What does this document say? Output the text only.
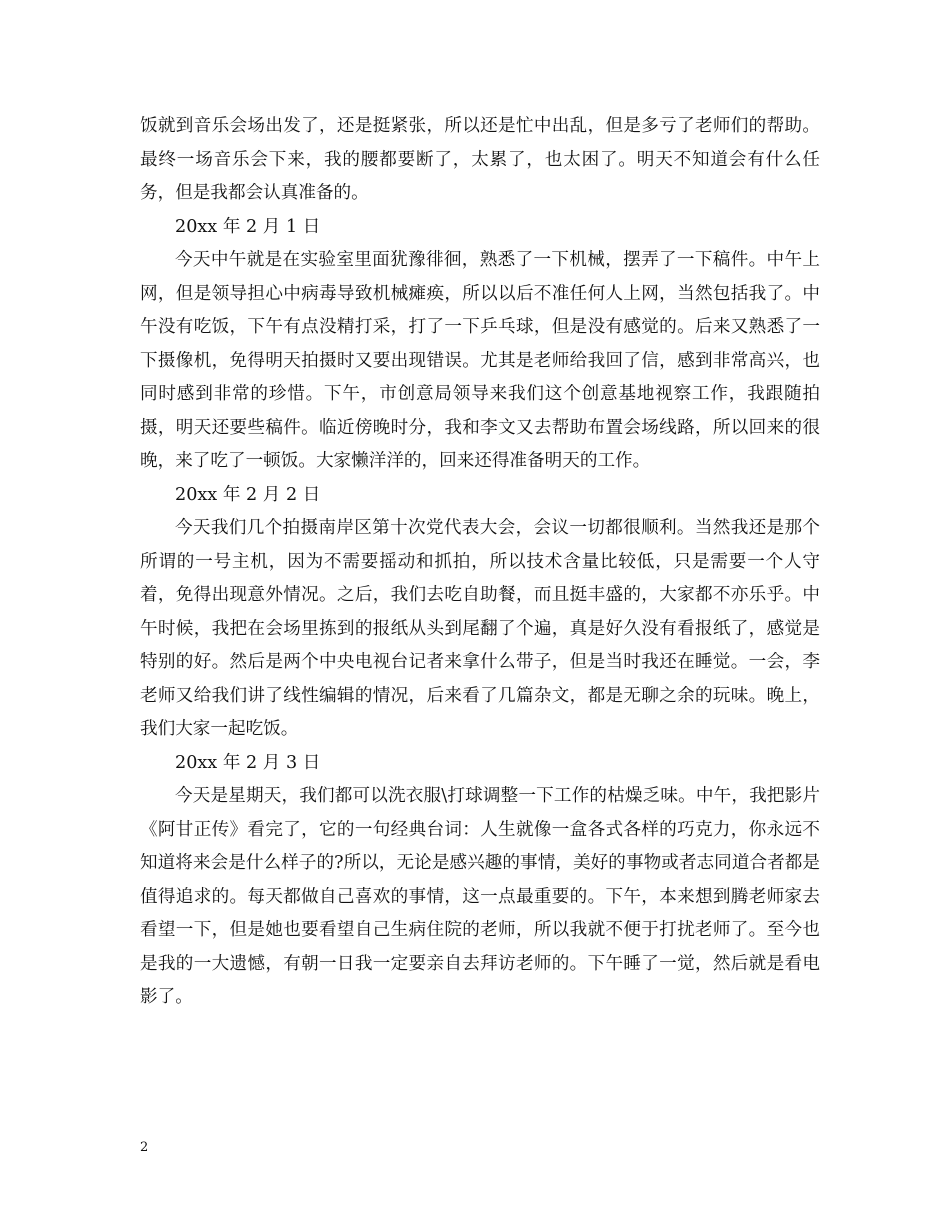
饭就到音乐会场出发了，还是挺紧张，所以还是忙中出乱，但是多亏了老师们的帮助。最终一场音乐会下来，我的腰都要断了，太累了，也太困了。明天不知道会有什么任务，但是我都会认真准备的。

20xx 年 2 月 1 日

今天中午就是在实验室里面犹豫徘徊，熟悉了一下机械，摆弄了一下稿件。中午上网，但是领导担心中病毒导致机械瘫痪，所以以后不准任何人上网，当然包括我了。中午没有吃饭，下午有点没精打采，打了一下乒乓球，但是没有感觉的。后来又熟悉了一下摄像机，免得明天拍摄时又要出现错误。尤其是老师给我回了信，感到非常高兴，也同时感到非常的珍惜。下午，市创意局领导来我们这个创意基地视察工作，我跟随拍摄，明天还要些稿件。临近傍晚时分，我和李文又去帮助布置会场线路，所以回来的很晚，来了吃了一顿饭。大家懒洋洋的，回来还得准备明天的工作。

20xx 年 2 月 2 日

今天我们几个拍摄南岸区第十次党代表大会，会议一切都很顺利。当然我还是那个所谓的一号主机，因为不需要摇动和抓拍，所以技术含量比较低，只是需要一个人守着，免得出现意外情况。之后，我们去吃自助餐，而且挺丰盛的，大家都不亦乐乎。中午时候，我把在会场里拣到的报纸从头到尾翻了个遍，真是好久没有看报纸了，感觉是特别的好。然后是两个中央电视台记者来拿什么带子，但是当时我还在睡觉。一会，李老师又给我们讲了线性编辑的情况，后来看了几篇杂文，都是无聊之余的玩味。晚上，我们大家一起吃饭。

20xx 年 2 月 3 日

今天是星期天，我们都可以洗衣服\打球调整一下工作的枯燥乏味。中午，我把影片《阿甘正传》看完了，它的一句经典台词：人生就像一盒各式各样的巧克力，你永远不知道将来会是什么样子的?所以，无论是感兴趣的事情，美好的事物或者志同道合者都是值得追求的。每天都做自己喜欢的事情，这一点最重要的。下午，本来想到腾老师家去看望一下，但是她也要看望自己生病住院的老师，所以我就不便于打扰老师了。至今也是我的一大遗憾，有朝一日我一定要亲自去拜访老师的。下午睡了一觉，然后就是看电影了。

2
